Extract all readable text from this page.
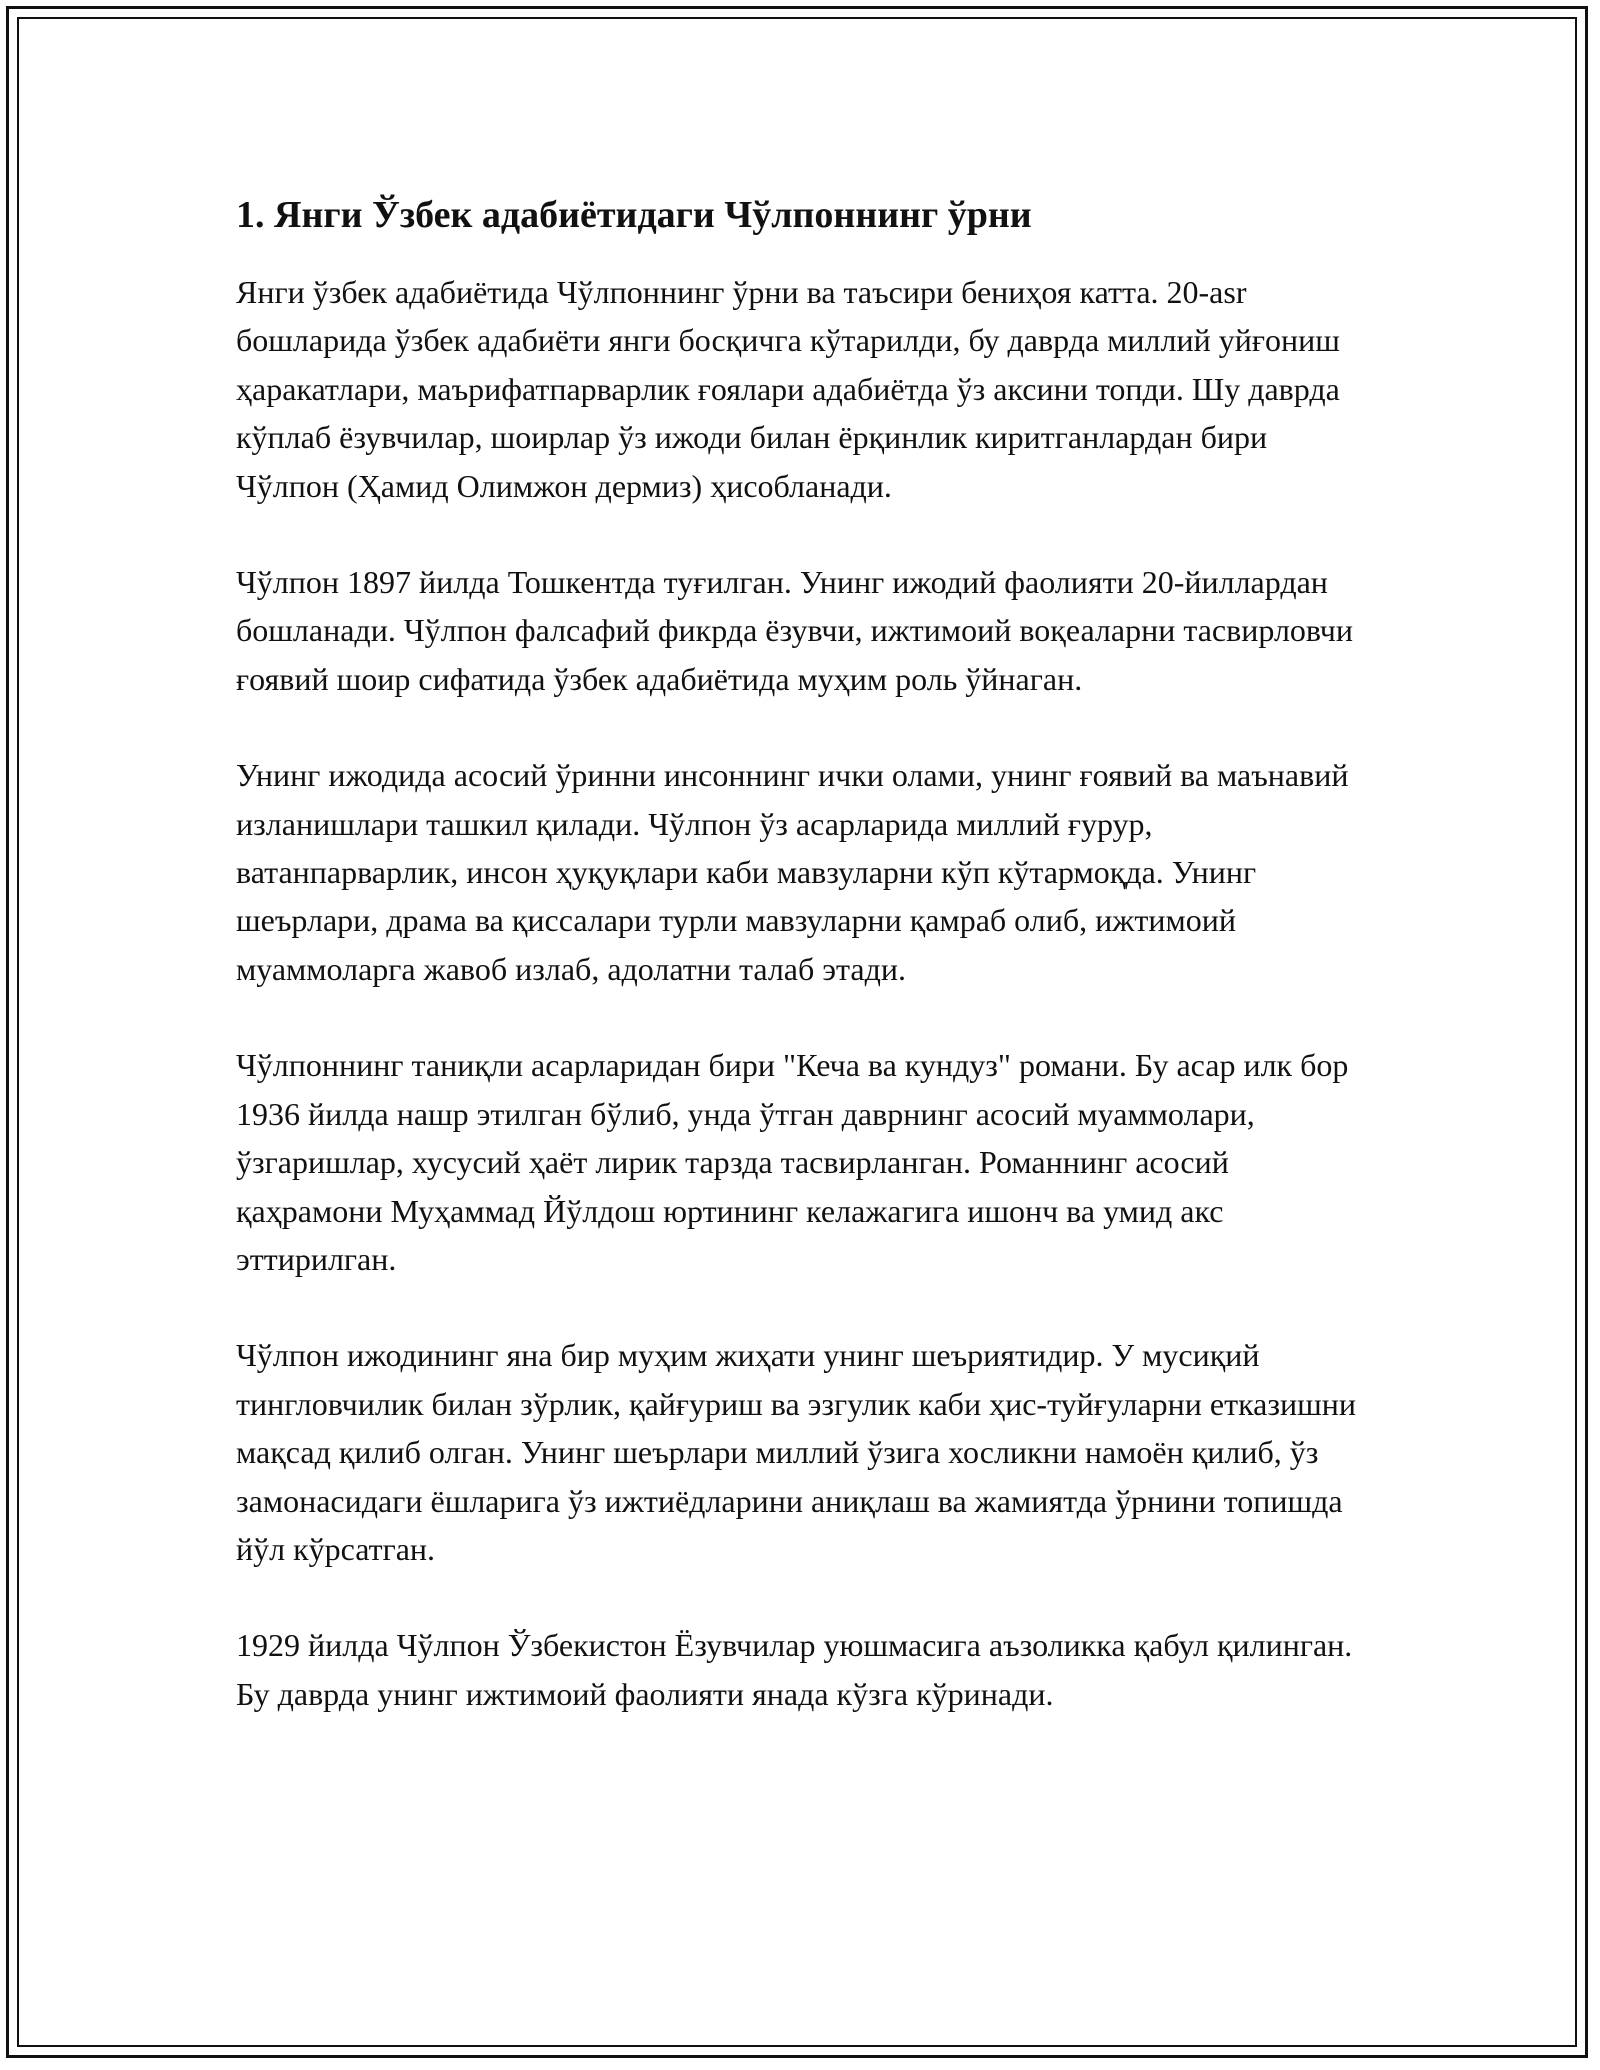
1. Янги Ўзбек адабиётидаги Чўлпоннинг ўрни

Янги ўзбек адабиётида Чўлпоннинг ўрни ва таъсири бениҳоя катта. 20-asr бошларида ўзбек адабиёти янги босқичга кўтарилди, бу даврда миллий уйғониш ҳаракатлари, маърифатпарварлик ғоялари адабиётда ўз аксини топди. Шу даврда кўплаб ёзувчилар, шоирлар ўз ижоди билан ёрқинлик киритганлардан бири Чўлпон (Ҳамид Олимжон дермиз) ҳисобланади.

Чўлпон 1897 йилда Тошкентда туғилган. Унинг ижодий фаолияти 20-йиллардан бошланади. Чўлпон фалсафий фикрда ёзувчи, ижтимоий воқеаларни тасвирловчи ғоявий шоир сифатида ўзбек адабиётида муҳим роль ўйнаган.

Унинг ижодида асосий ўринни инсоннинг ички олами, унинг ғоявий ва маънавий изланишлари ташкил қилади. Чўлпон ўз асарларида миллий ғурур, ватанпарварлик, инсон ҳуқуқлари каби мавзуларни кўп кўтармоқда. Унинг шеърлари, драма ва қиссалари турли мавзуларни қамраб олиб, ижтимоий муаммоларга жавоб излаб, адолатни талаб этади.

Чўлпоннинг таниқли асарларидан бири "Кеча ва кундуз" романи. Бу асар илк бор 1936 йилда нашр этилган бўлиб, унда ўтган даврнинг асосий муаммолари, ўзгаришлар, хусусий ҳаёт лирик тарзда тасвирланган. Романнинг асосий қаҳрамони Муҳаммад Йўлдош юртининг келажагига ишонч ва умид акс эттирилган.

Чўлпон ижодининг яна бир муҳим жиҳати унинг шеъриятидир. У мусиқий тингловчилик билан зўрлик, қайғуриш ва эзгулик каби ҳис-туйғуларни етказишни мақсад қилиб олган. Унинг шеърлари миллий ўзига хосликни намоён қилиб, ўз замонасидаги ёшларига ўз ижтиёдларини аниқлаш ва жамиятда ўрнини топишда йўл кўрсатган.

1929 йилда Чўлпон Ўзбекистон Ёзувчилар уюшмасига аъзоликка қабул қилинган. Бу даврда унинг ижтимоий фаолияти янада кўзга кўринади.
